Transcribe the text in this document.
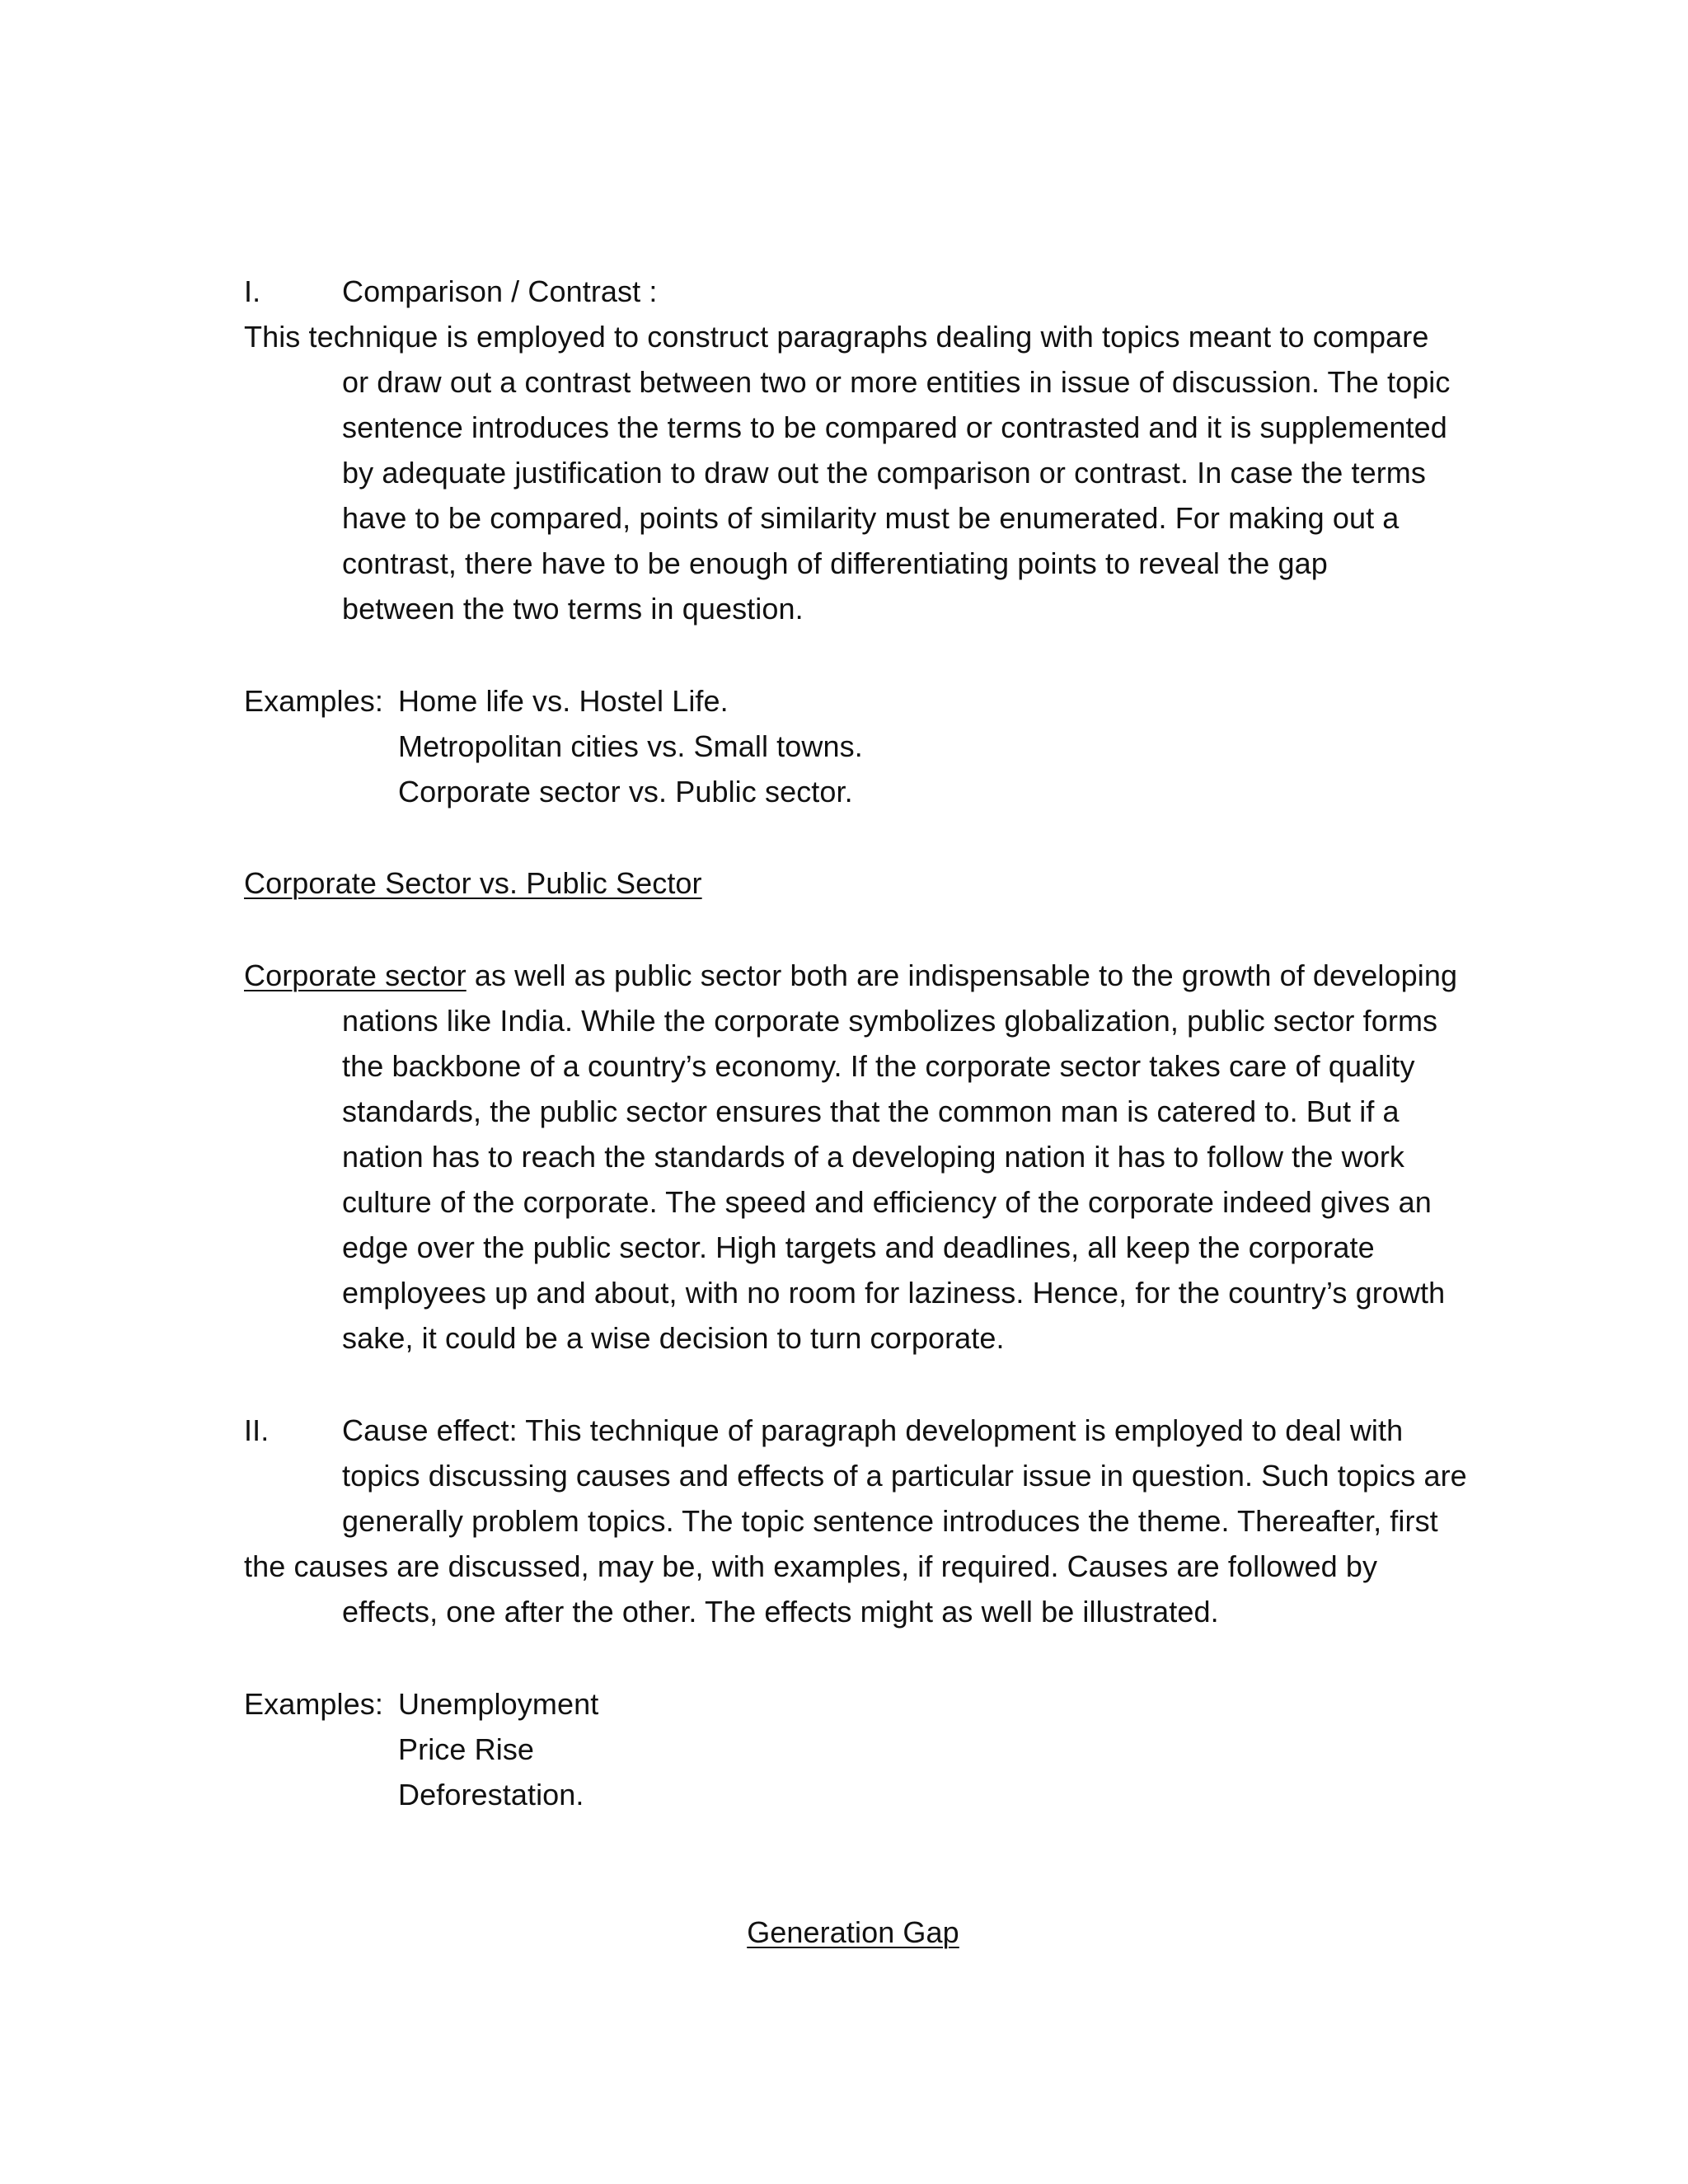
I.	Comparison / Contrast :
This technique is employed to construct paragraphs dealing with topics meant to compare
or draw out a contrast between two or more entities in issue of discussion. The topic
sentence introduces the terms to be compared or contrasted and it is supplemented
by adequate justification to draw out the comparison or contrast. In case the terms
have to be compared, points of similarity must be enumerated. For making out a
contrast, there have to be enough of differentiating points to reveal the gap
between the two terms in question.
Examples: Home life vs. Hostel Life.
Metropolitan cities vs. Small towns.
Corporate sector vs. Public sector.
Corporate Sector vs. Public Sector
Corporate sector as well as public sector both are indispensable to the growth of developing
nations like India. While the corporate symbolizes globalization, public sector forms
the backbone of a country’s economy. If the corporate sector takes care of quality
standards, the public sector ensures that the common man is catered to. But if a
nation has to reach the standards of a developing nation it has to follow the work
culture of the corporate. The speed and efficiency of the corporate indeed gives an
edge over the public sector. High targets and deadlines, all keep the corporate
employees up and about, with no room for laziness. Hence, for the country’s growth
sake, it could be a wise decision to turn corporate.
II. Cause effect: This technique of paragraph development is employed to deal with
topics discussing causes and effects of a particular issue in question. Such topics are
generally problem topics. The topic sentence introduces the theme. Thereafter, first
the causes are discussed, may be, with examples, if required. Causes are followed by
effects, one after the other. The effects might as well be illustrated.
Examples: Unemployment
Price Rise
Deforestation.
Generation Gap
